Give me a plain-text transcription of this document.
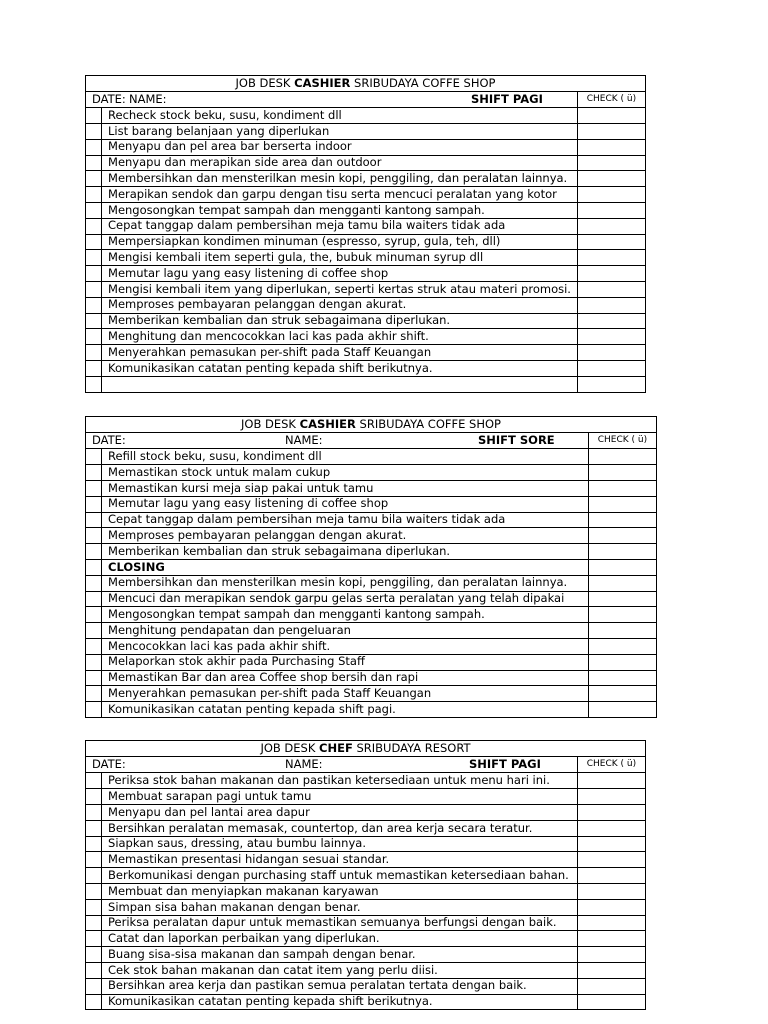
JOB DESK CASHIER SRIBUDAYA COFFE SHOP		

DATE: NAME: SHIFT PAGI		CHECK ( ü)
	Recheck stock beku, susu, kondiment dll	
	List barang belanjaan yang diperlukan	
	Menyapu dan pel area bar berserta indoor	
	Menyapu dan merapikan side area dan outdoor	
	Membersihkan dan mensterilkan mesin kopi, penggiling, dan peralatan lainnya.	
	Merapikan sendok dan garpu dengan tisu serta mencuci peralatan yang kotor	
	Mengosongkan tempat sampah dan mengganti kantong sampah.	
	Cepat tanggap dalam pembersihan meja tamu bila waiters tidak ada	
	Mempersiapkan kondimen minuman (espresso, syrup, gula, teh, dll)	
	Mengisi kembali item seperti gula, the, bubuk minuman syrup dll	
	Memutar lagu yang easy listening di coffee shop	
	Mengisi kembali item yang diperlukan, seperti kertas struk atau materi promosi.	
	Memproses pembayaran pelanggan dengan akurat.	
	Memberikan kembalian dan struk sebagaimana diperlukan.	
	Menghitung dan mencocokkan laci kas pada akhir shift.	
	Menyerahkan pemasukan per-shift pada Staff Keuangan	
	Komunikasikan catatan penting kepada shift berikutnya.	

JOB DESK CASHIER SRIBUDAYA COFFE SHOP		

DATE: NAME: SHIFT SORE		CHECK ( ü)
	Refill stock beku, susu, kondiment dll	
	Memastikan stock untuk malam cukup	
	Memastikan kursi meja siap pakai untuk tamu	
	Memutar lagu yang easy listening di coffee shop	
	Cepat tanggap dalam pembersihan meja tamu bila waiters tidak ada	
	Memproses pembayaran pelanggan dengan akurat.	
	Memberikan kembalian dan struk sebagaimana diperlukan.	
	CLOSING	
	Membersihkan dan mensterilkan mesin kopi, penggiling, dan peralatan lainnya.	
	Mencuci dan merapikan sendok garpu gelas serta peralatan yang telah dipakai	
	Mengosongkan tempat sampah dan mengganti kantong sampah.	
	Menghitung pendapatan dan pengeluaran	
	Mencocokkan laci kas pada akhir shift.	
	Melaporkan stok akhir pada Purchasing Staff	
	Memastikan Bar dan area Coffee shop bersih dan rapi	
	Menyerahkan pemasukan per-shift pada Staff Keuangan	
	Komunikasikan catatan penting kepada shift pagi.	
JOB DESK CHEF SRIBUDAYA RESORT		

DATE: NAME: SHIFT PAGI		CHECK ( ü)
	Periksa stok bahan makanan dan pastikan ketersediaan untuk menu hari ini.	
	Membuat sarapan pagi untuk tamu	
	Menyapu dan pel lantai area dapur	
	Bersihkan peralatan memasak, countertop, dan area kerja secara teratur.	
	Siapkan saus, dressing, atau bumbu lainnya.	
	Memastikan presentasi hidangan sesuai standar.	
	Berkomunikasi dengan purchasing staff untuk memastikan ketersediaan bahan.	
	Membuat dan menyiapkan makanan karyawan	
	Simpan sisa bahan makanan dengan benar.	
	Periksa peralatan dapur untuk memastikan semuanya berfungsi dengan baik.	
	Catat dan laporkan perbaikan yang diperlukan.	
	Buang sisa-sisa makanan dan sampah dengan benar.	
	Cek stok bahan makanan dan catat item yang perlu diisi.	
	Bersihkan area kerja dan pastikan semua peralatan tertata dengan baik.	
	Komunikasikan catatan penting kepada shift berikutnya.	
